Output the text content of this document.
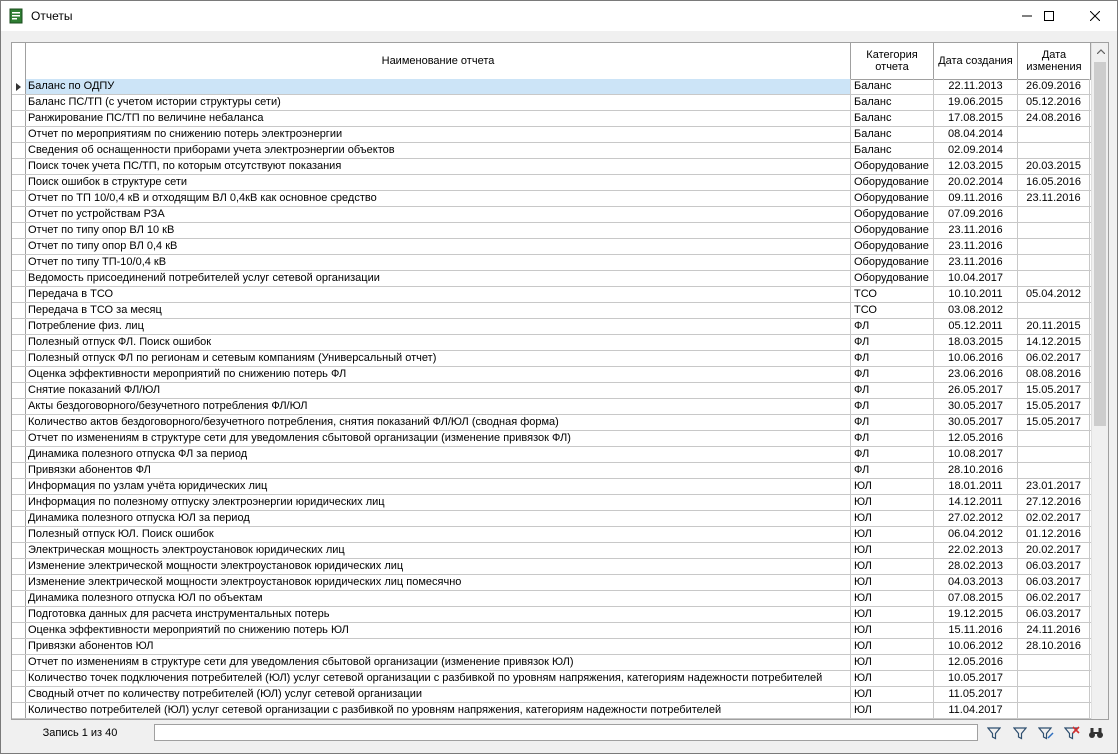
Отчеты
Наименование отчета	Категория
отчета	Дата создания	Дата
изменения
Баланс по ОДПУ	Баланс	22.11.2013	26.09.2016
Баланс ПС/ТП (с учетом истории структуры сети)	Баланс	19.06.2015	05.12.2016
Ранжирование ПС/ТП по величине небаланса	Баланс	17.08.2015	24.08.2016
Отчет по мероприятиям по снижению потерь электроэнергии	Баланс	08.04.2014
Сведения об оснащенности приборами учета электроэнергии объектов	Баланс	02.09.2014
Поиск точек учета ПС/ТП, по которым отсутствуют показания	Оборудование	12.03.2015	20.03.2015
Поиск ошибок в структуре сети	Оборудование	20.02.2014	16.05.2016
Отчет по ТП 10/0,4 кВ и отходящим ВЛ 0,4кВ как основное средство	Оборудование	09.11.2016	23.11.2016
Отчет по устройствам РЗА	Оборудование	07.09.2016
Отчет по типу опор ВЛ 10 кВ	Оборудование	23.11.2016
Отчет по типу опор ВЛ 0,4 кВ	Оборудование	23.11.2016
Отчет по типу ТП-10/0,4 кВ	Оборудование	23.11.2016
Ведомость присоединений потребителей услуг сетевой организации	Оборудование	10.04.2017
Передача в ТСО	ТСО	10.10.2011	05.04.2012
Передача в ТСО за месяц	ТСО	03.08.2012
Потребление физ. лиц	ФЛ	05.12.2011	20.11.2015
Полезный отпуск ФЛ. Поиск ошибок	ФЛ	18.03.2015	14.12.2015
Полезный отпуск ФЛ по регионам и сетевым компаниям (Универсальный отчет)	ФЛ	10.06.2016	06.02.2017
Оценка эффективности мероприятий по снижению потерь ФЛ	ФЛ	23.06.2016	08.08.2016
Снятие показаний ФЛ/ЮЛ	ФЛ	26.05.2017	15.05.2017
Акты бездоговорного/безучетного потребления ФЛ/ЮЛ	ФЛ	30.05.2017	15.05.2017
Количество актов бездоговорного/безучетного потребления, снятия показаний ФЛ/ЮЛ (сводная форма)	ФЛ	30.05.2017	15.05.2017
Отчет по изменениям в структуре сети для уведомления сбытовой организации (изменение привязок ФЛ)	ФЛ	12.05.2016
Динамика полезного отпуска ФЛ за период	ФЛ	10.08.2017
Привязки абонентов ФЛ	ФЛ	28.10.2016
Информация по узлам учёта юридических лиц	ЮЛ	18.01.2011	23.01.2017
Информация по полезному отпуску электроэнергии юридических лиц	ЮЛ	14.12.2011	27.12.2016
Динамика полезного отпуска ЮЛ за период	ЮЛ	27.02.2012	02.02.2017
Полезный отпуск ЮЛ. Поиск ошибок	ЮЛ	06.04.2012	01.12.2016
Электрическая мощность электроустановок юридических лиц	ЮЛ	22.02.2013	20.02.2017
Изменение электрической мощности электроустановок юридических лиц	ЮЛ	28.02.2013	06.03.2017
Изменение электрической мощности электроустановок юридических лиц помесячно	ЮЛ	04.03.2013	06.03.2017
Динамика полезного отпуска ЮЛ по объектам	ЮЛ	07.08.2015	06.02.2017
Подготовка данных для расчета инструментальных потерь	ЮЛ	19.12.2015	06.03.2017
Оценка эффективности мероприятий по снижению потерь ЮЛ	ЮЛ	15.11.2016	24.11.2016
Привязки абонентов ЮЛ	ЮЛ	10.06.2012	28.10.2016
Отчет по изменениям в структуре сети для уведомления сбытовой организации (изменение привязок ЮЛ)	ЮЛ	12.05.2016
Количество точек подключения потребителей (ЮЛ) услуг сетевой организации с разбивкой по уровням напряжения, категориям надежности потребителей	ЮЛ	10.05.2017
Сводный отчет по количеству потребителей (ЮЛ) услуг сетевой организации	ЮЛ	11.05.2017
Количество потребителей (ЮЛ) услуг сетевой организации с разбивкой по уровням напряжения, категориям надежности потребителей	ЮЛ	11.04.2017
Запись 1 из 40
